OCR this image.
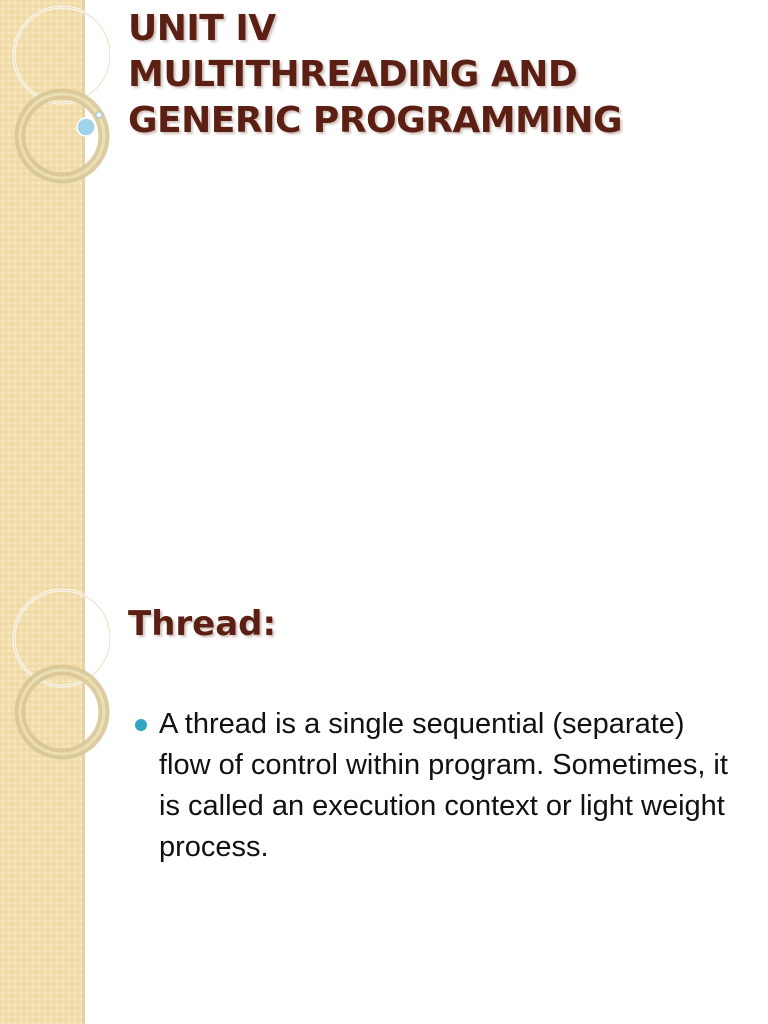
UNIT IV
MULTITHREADING AND
GENERIC PROGRAMMING
Thread:
A thread is a single sequential (separate) flow of control within program. Sometimes, it is called an execution context or light weight process.
